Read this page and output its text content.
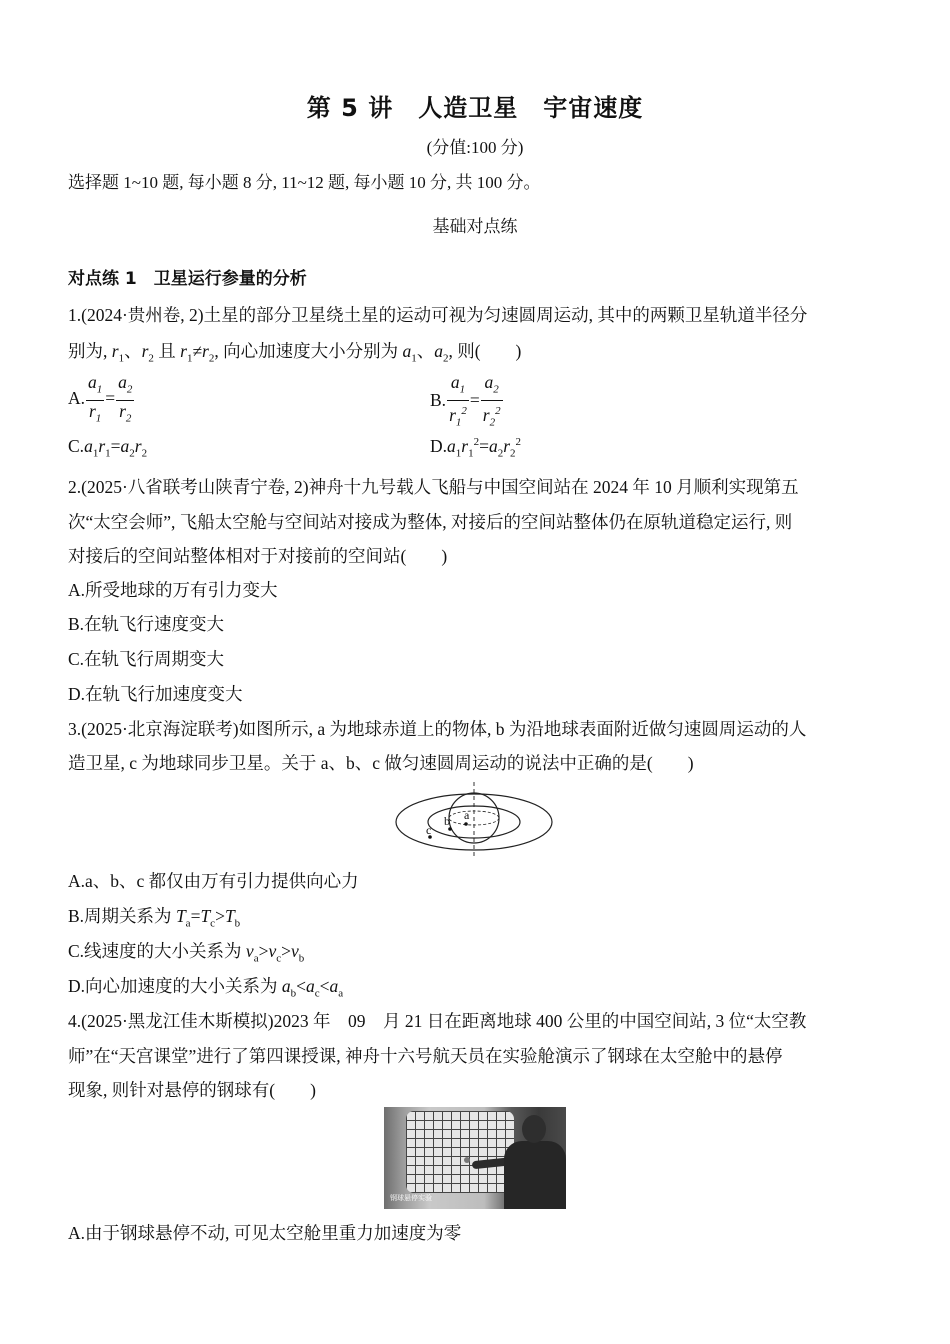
第 5 讲　人造卫星　宇宙速度
(分值:100 分)
选择题 1~10 题, 每小题 8 分, 11~12 题, 每小题 10 分, 共 100 分。
基础对点练
对点练 1　卫星运行参量的分析
1.(2024·贵州卷, 2)土星的部分卫星绕土星的运动可视为匀速圆周运动, 其中的两颗卫星轨道半径分
别为, $r_1$、$r_2$ 且 $r_1\ne r_2$, 向心加速度大小分别为 $a_1$、$a_2$, 则(　　)
A. $\frac{a_1}{r_1} = \frac{a_2}{r_2}$	B. $\frac{a_1}{r_1^2} = \frac{a_2}{r_2^2}$
$C.a_1r_1=a_2r_2$	$D.a_1r_1^2=a_2r_2^2$
2.(2025·八省联考山陕青宁卷, 2)神舟十九号载人飞船与中国空间站在 2024 年 10 月顺利实现第五
次“太空会师”, 飞船太空舱与空间站对接成为整体, 对接后的空间站整体仍在原轨道稳定运行, 则
对接后的空间站整体相对于对接前的空间站(　　)
A.所受地球的万有引力变大
B.在轨飞行速度变大
C.在轨飞行周期变大
D.在轨飞行加速度变大
3.(2025·北京海淀联考)如图所示, a 为地球赤道上的物体, b 为沿地球表面附近做匀速圆周运动的人
造卫星, c 为地球同步卫星。关于 a、b、c 做匀速圆周运动的说法中正确的是(　　)
a
b
c
A.a、b、c 都仅由万有引力提供向心力
B.周期关系为 $T_a=T_c>T_b$
C.线速度的大小关系为 $v_a>v_c>v_b$
D.向心加速度的大小关系为 $a_b<a_c<a_a$
4.(2025·黑龙江佳木斯模拟)2023 年　09　月 21 日在距离地球 400 公里的中国空间站, 3 位“太空教
师”在“天宫课堂”进行了第四课授课, 神舟十六号航天员在实验舱演示了钢球在太空舱中的悬停
现象, 则针对悬停的钢球有(　　)
钢球悬停实验
A.由于钢球悬停不动, 可见太空舱里重力加速度为零
